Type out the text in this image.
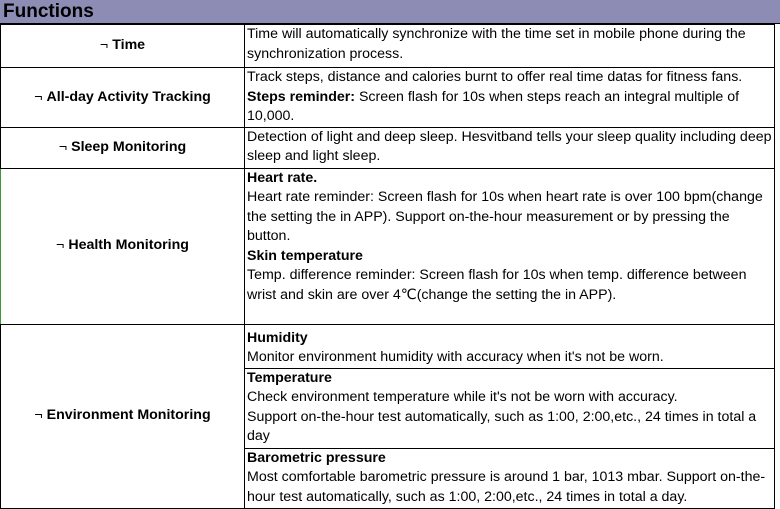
Functions
¬ Time	Time will automatically synchronize with the time set in mobile phone during the synchronization process.
¬ All-day Activity Tracking	Track steps, distance and calories burnt to offer real time datas for fitness fans.
Steps reminder: Screen flash for 10s when steps reach an integral multiple of 10,000.
¬ Sleep Monitoring	Detection of light and deep sleep. Hesvitband tells your sleep quality including deep sleep and light sleep.
¬ Health Monitoring	Heart rate.
Heart rate reminder: Screen flash for 10s when heart rate is over 100 bpm(change the setting the in APP). Support on-the-hour measurement or by pressing the button.
Skin temperature
Temp. difference reminder: Screen flash for 10s when temp. difference between wrist and skin are over 4℃(change the setting the in APP).
¬ Environment Monitoring	Humidity
Monitor environment humidity with accuracy when it's not be worn.
	Temperature
Check environment temperature while it's not be worn with accuracy.
Support on-the-hour test automatically, such as 1:00, 2:00,etc., 24 times in total a day
	Barometric pressure
Most comfortable barometric pressure is around 1 bar, 1013 mbar. Support on-the-hour test automatically, such as 1:00, 2:00,etc., 24 times in total a day.
